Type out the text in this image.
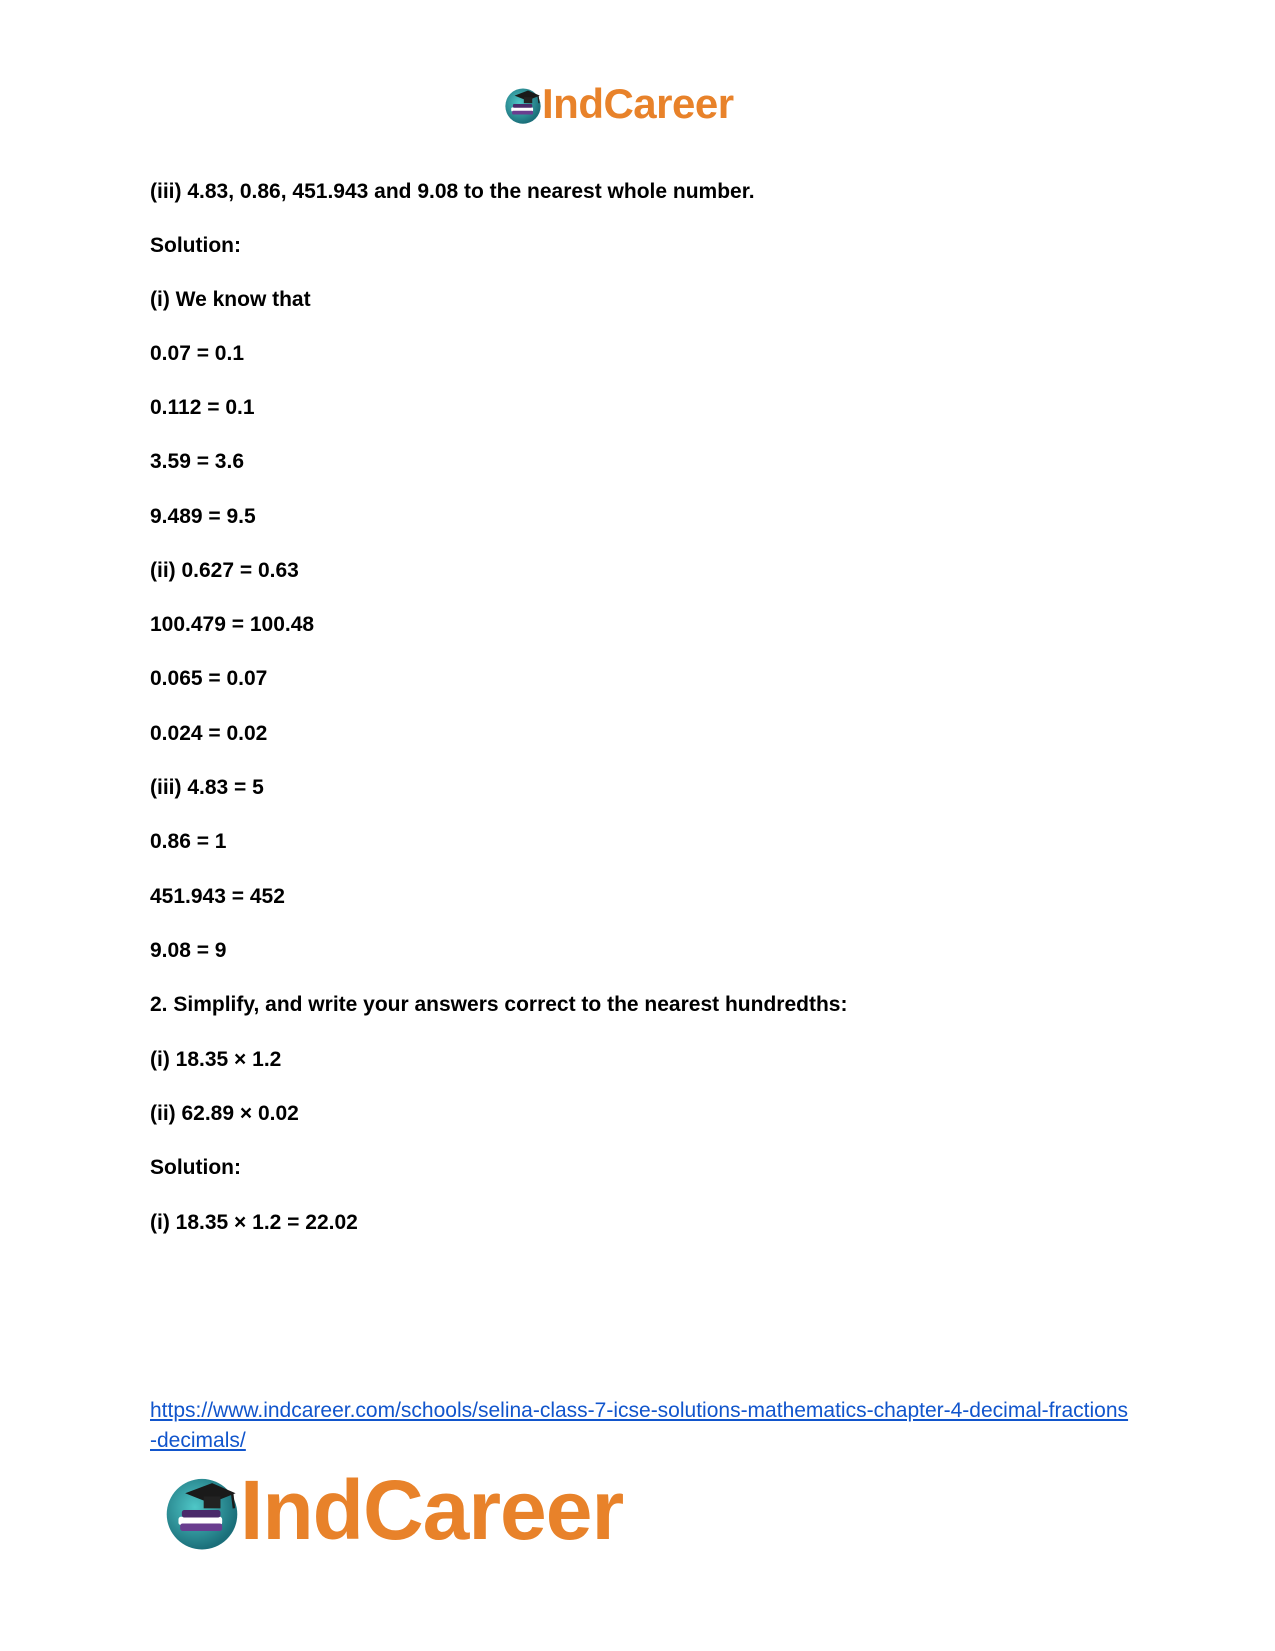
IndCareer
(iii) 4.83, 0.86, 451.943 and 9.08 to the nearest whole number.
Solution:
(i) We know that
0.07 = 0.1
0.112 = 0.1
3.59 = 3.6
9.489 = 9.5
(ii) 0.627 = 0.63
100.479 = 100.48
0.065 = 0.07
0.024 = 0.02
(iii) 4.83 = 5
0.86 = 1
451.943 = 452
9.08 = 9
2. Simplify, and write your answers correct to the nearest hundredths:
(i) 18.35 × 1.2
(ii) 62.89 × 0.02
Solution:
(i) 18.35 × 1.2 = 22.02
https://www.indcareer.com/schools/selina-class-7-icse-solutions-mathematics-chapter-4-decimal-fractions-decimals/
IndCareer
